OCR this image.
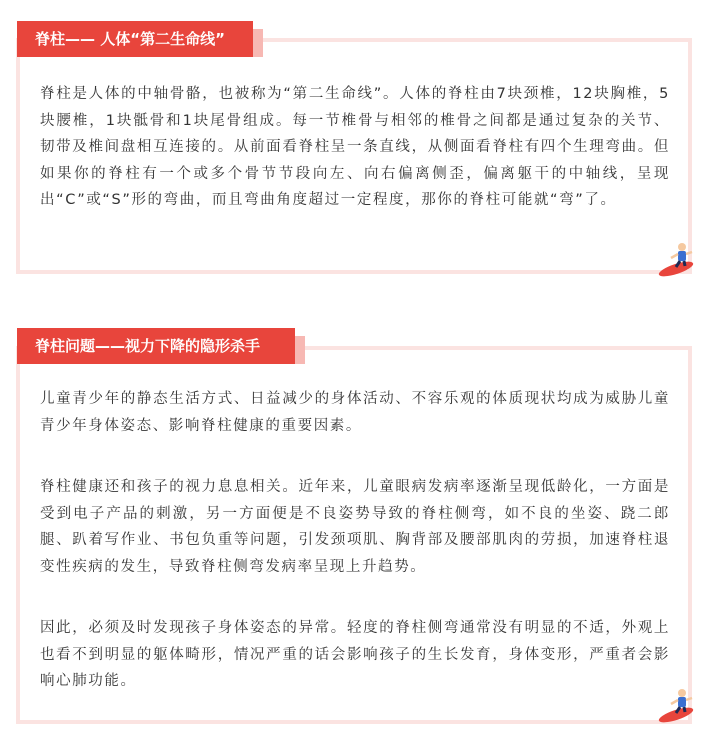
脊柱—— 人体“第二生命线”

脊柱是人体的中轴骨骼，也被称为“第二生命线”。人体的脊柱由7块颈椎，12块胸椎，5块腰椎，1块骶骨和1块尾骨组成。每一节椎骨与相邻的椎骨之间都是通过复杂的关节、韧带及椎间盘相互连接的。从前面看脊柱呈一条直线，从侧面看脊柱有四个生理弯曲。但如果你的脊柱有一个或多个骨节节段向左、向右偏离侧歪，偏离躯干的中轴线，呈现出“C”或“S”形的弯曲，而且弯曲角度超过一定程度，那你的脊柱可能就“弯”了。

脊柱问题——视力下降的隐形杀手

儿童青少年的静态生活方式、日益减少的身体活动、不容乐观的体质现状均成为威胁儿童青少年身体姿态、影响脊柱健康的重要因素。

脊柱健康还和孩子的视力息息相关。近年来，儿童眼病发病率逐渐呈现低龄化，一方面是受到电子产品的刺激，另一方面便是不良姿势导致的脊柱侧弯，如不良的坐姿、跷二郎腿、趴着写作业、书包负重等问题，引发颈项肌、胸背部及腰部肌肉的劳损，加速脊柱退变性疾病的发生，导致脊柱侧弯发病率呈现上升趋势。

因此，必须及时发现孩子身体姿态的异常。轻度的脊柱侧弯通常没有明显的不适，外观上也看不到明显的躯体畸形，情况严重的话会影响孩子的生长发育，身体变形，严重者会影响心肺功能。
